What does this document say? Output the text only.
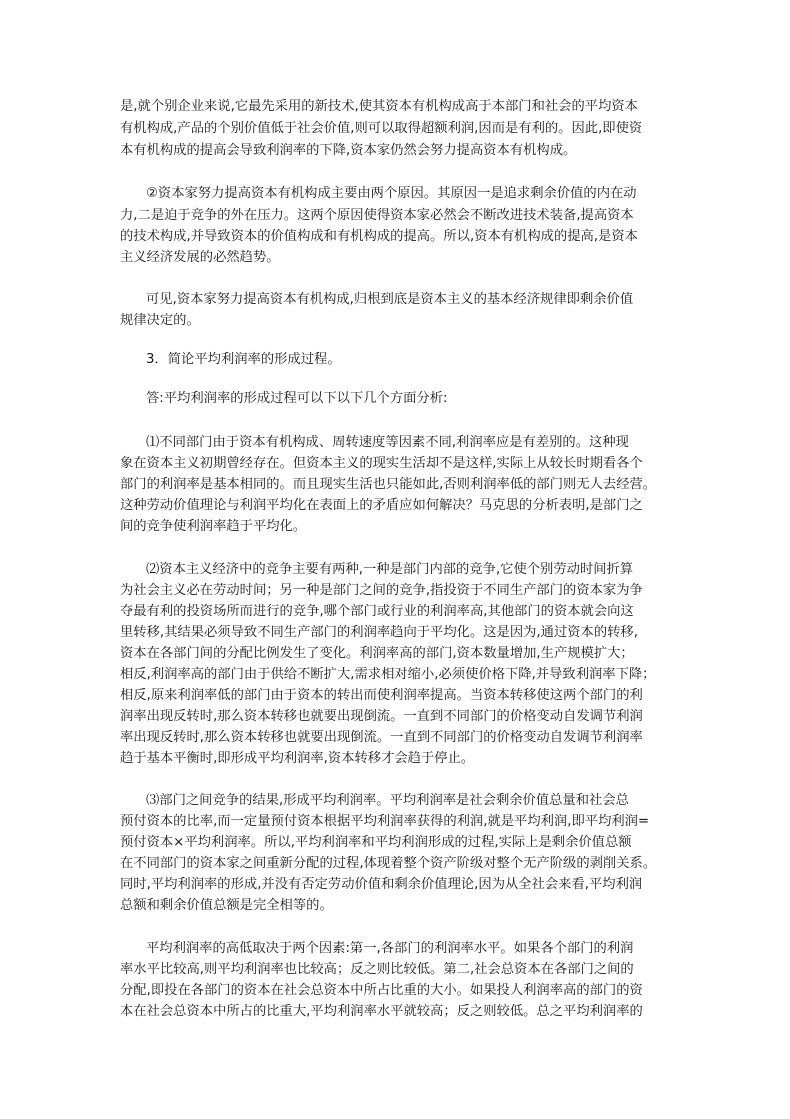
是,就个别企业来说,它最先采用的新技术,使其资本有机构成高于本部门和社会的平均资本
有机构成,产品的个别价值低于社会价值,则可以取得超额利润,因而是有利的。因此,即使资
本有机构成的提高会导致利润率的下降,资本家仍然会努力提高资本有机构成。
②资本家努力提高资本有机构成主要由两个原因。其原因一是追求剩余价值的内在动
力,二是迫于竞争的外在压力。这两个原因使得资本家必然会不断改进技术装备,提高资本
的技术构成,并导致资本的价值构成和有机构成的提高。所以,资本有机构成的提高,是资本
主义经济发展的必然趋势。
可见,资本家努力提高资本有机构成,归根到底是资本主义的基本经济规律即剩余价值
规律决定的。
3．简论平均利润率的形成过程。
答:平均利润率的形成过程可以下以下几个方面分析:
⑴不同部门由于资本有机构成、周转速度等因素不同,利润率应是有差别的。这种现
象在资本主义初期曾经存在。但资本主义的现实生活却不是这样,实际上从较长时期看各个
部门的利润率是基本相同的。而且现实生活也只能如此,否则利润率低的部门则无人去经营。
这种劳动价值理论与利润平均化在表面上的矛盾应如何解决？马克思的分析表明,是部门之
间的竞争使利润率趋于平均化。
⑵资本主义经济中的竞争主要有两种,一种是部门内部的竞争,它使个别劳动时间折算
为社会主义必在劳动时间；另一种是部门之间的竞争,指投资于不同生产部门的资本家为争
夺最有利的投资场所而进行的竞争,哪个部门或行业的利润率高,其他部门的资本就会向这
里转移,其结果必须导致不同生产部门的利润率趋向于平均化。这是因为,通过资本的转移,
资本在各部门间的分配比例发生了变化。利润率高的部门,资本数量增加,生产规模扩大；
相反,利润率高的部门由于供给不断扩大,需求相对缩小,必须使价格下降,并导致利润率下降；
相反,原来利润率低的部门由于资本的转出而使利润率提高。当资本转移使这两个部门的利
润率出现反转时,那么资本转移也就要出现倒流。一直到不同部门的价格变动自发调节利润
率出现反转时,那么资本转移也就要出现倒流。一直到不同部门的价格变动自发调节利润率
趋于基本平衡时,即形成平均利润率,资本转移才会趋于停止。
⑶部门之间竞争的结果,形成平均利润率。平均利润率是社会剩余价值总量和社会总
预付资本的比率,而一定量预付资本根据平均利润率获得的利润,就是平均利润,即平均利润=
预付资本×平均利润率。所以,平均利润率和平均利润形成的过程,实际上是剩余价值总额
在不同部门的资本家之间重新分配的过程,体现着整个资产阶级对整个无产阶级的剥削关系。
同时,平均利润率的形成,并没有否定劳动价值和剩余价值理论,因为从全社会来看,平均利润
总额和剩余价值总额是完全相等的。
平均利润率的高低取决于两个因素:第一,各部门的利润率水平。如果各个部门的利润
率水平比较高,则平均利润率也比较高；反之则比较低。第二,社会总资本在各部门之间的
分配,即投在各部门的资本在社会总资本中所占比重的大小。如果投人利润率高的部门的资
本在社会总资本中所占的比重大,平均利润率水平就较高；反之则较低。总之平均利润率的
